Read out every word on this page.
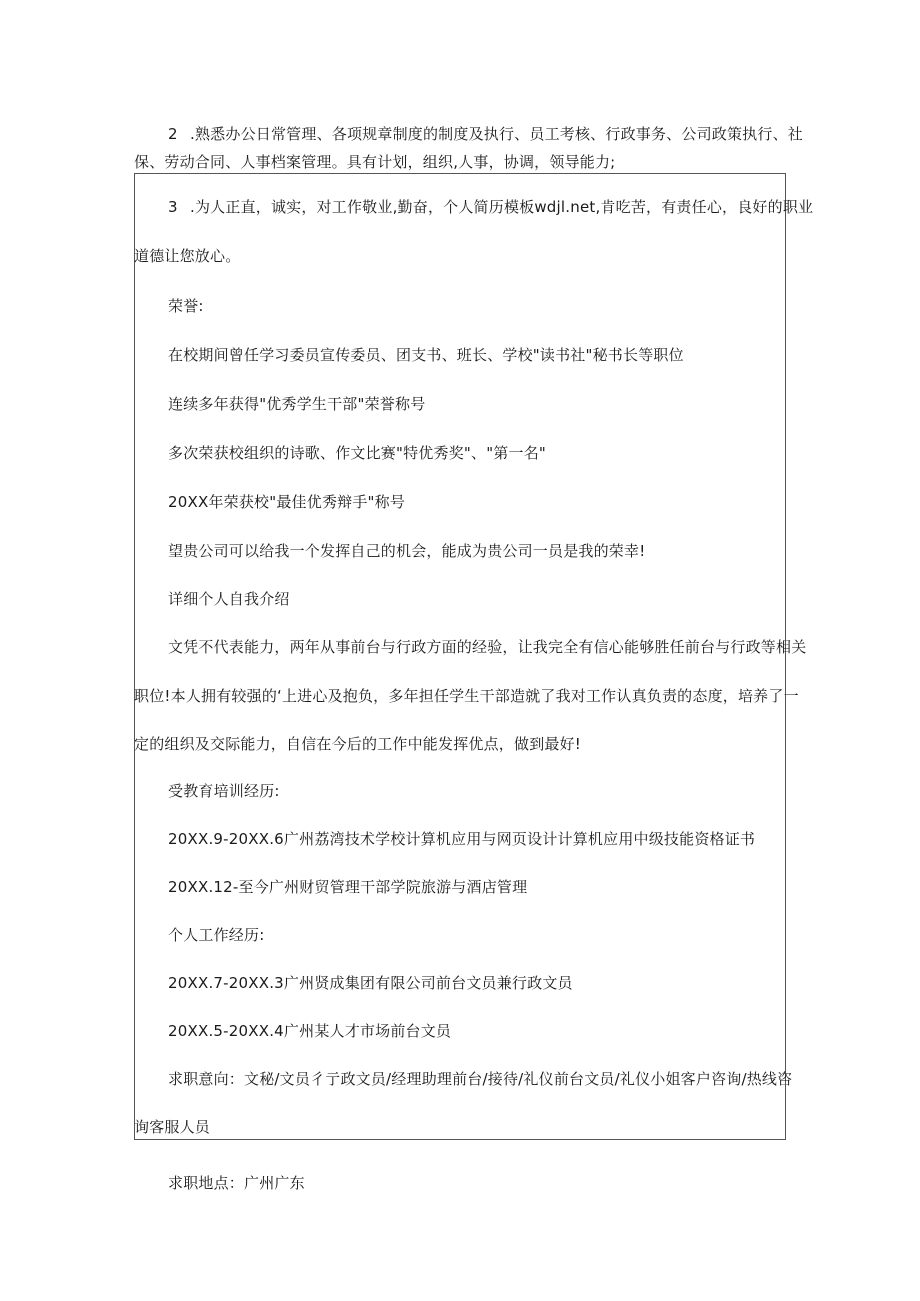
2 .熟悉办公日常管理、各项规章制度的制度及执行、员工考核、行政事务、公司政策执行、社
保、劳动合同、人事档案管理。具有计划，组织,人事，协调，领导能力;
3 .为人正直，诚实，对工作敬业,勤奋，个人简历模板wdjl.net,肯吃苦，有责任心，良好的职业
道德让您放心。
荣誉:
在校期间曾任学习委员宣传委员、团支书、班长、学校"读书社"秘书长等职位
连续多年获得"优秀学生干部"荣誉称号
多次荣获校组织的诗歌、作文比赛"特优秀奖"、"第一名"
20XX年荣获校"最佳优秀辩手"称号
望贵公司可以给我一个发挥自己的机会，能成为贵公司一员是我的荣幸!
详细个人自我介绍
文凭不代表能力，两年从事前台与行政方面的经验，让我完全有信心能够胜任前台与行政等相关
职位!本人拥有较强的‘上进心及抱负，多年担任学生干部造就了我对工作认真负责的态度，培养了一
定的组织及交际能力，自信在今后的工作中能发挥优点，做到最好!
受教育培训经历:
20XX.9-20XX.6广州荔湾技术学校计算机应用与网页设计计算机应用中级技能资格证书
20XX.12-至今广州财贸管理干部学院旅游与酒店管理
个人工作经历:
20XX.7-20XX.3广州贤成集团有限公司前台文员兼行政文员
20XX.5-20XX.4广州某人才市场前台文员
求职意向：文秘/文员彳亍政文员/经理助理前台/接待/礼仪前台文员/礼仪小姐客户咨询/热线咨
询客服人员
求职地点：广州广东
